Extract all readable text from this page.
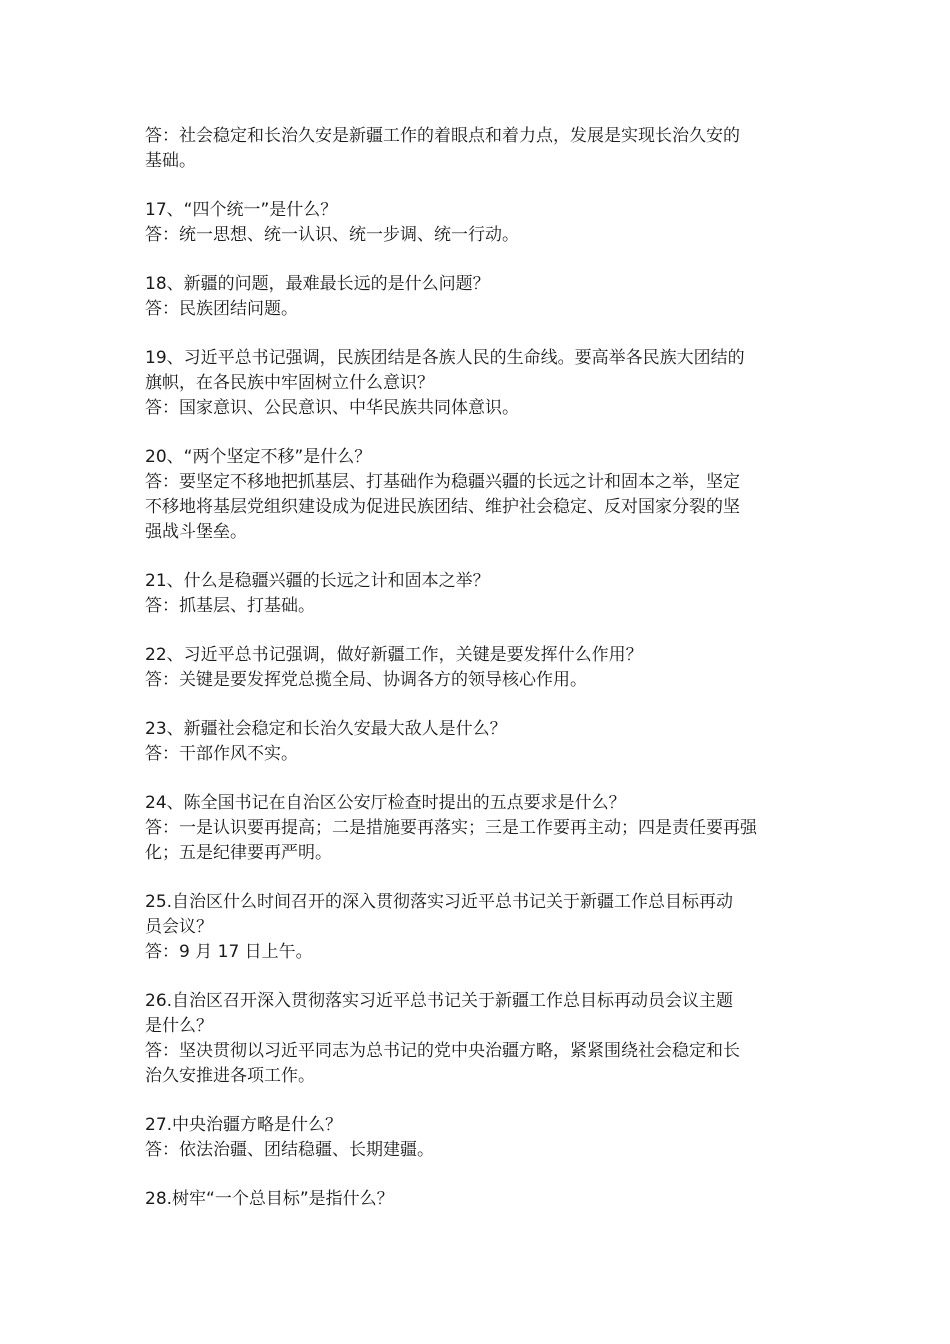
答：社会稳定和长治久安是新疆工作的着眼点和着力点，发展是实现长治久安的
基础。
17、“四个统一”是什么？
答：统一思想、统一认识、统一步调、统一行动。
18、新疆的问题，最难最长远的是什么问题？
答：民族团结问题。
19、习近平总书记强调，民族团结是各族人民的生命线。要高举各民族大团结的
旗帜，在各民族中牢固树立什么意识？
答：国家意识、公民意识、中华民族共同体意识。
20、“两个坚定不移”是什么？
答：要坚定不移地把抓基层、打基础作为稳疆兴疆的长远之计和固本之举，坚定
不移地将基层党组织建设成为促进民族团结、维护社会稳定、反对国家分裂的坚
强战斗堡垒。
21、什么是稳疆兴疆的长远之计和固本之举？
答：抓基层、打基础。
22、习近平总书记强调，做好新疆工作，关键是要发挥什么作用？
答：关键是要发挥党总揽全局、协调各方的领导核心作用。
23、新疆社会稳定和长治久安最大敌人是什么？
答：干部作风不实。
24、陈全国书记在自治区公安厅检查时提出的五点要求是什么？
答：一是认识要再提高；二是措施要再落实；三是工作要再主动；四是责任要再强
化；五是纪律要再严明。
25.自治区什么时间召开的深入贯彻落实习近平总书记关于新疆工作总目标再动
员会议？
答：9 月 17 日上午。
26.自治区召开深入贯彻落实习近平总书记关于新疆工作总目标再动员会议主题
是什么？
答：坚决贯彻以习近平同志为总书记的党中央治疆方略，紧紧围绕社会稳定和长
治久安推进各项工作。
27.中央治疆方略是什么？
答：依法治疆、团结稳疆、长期建疆。
28.树牢“一个总目标”是指什么？
